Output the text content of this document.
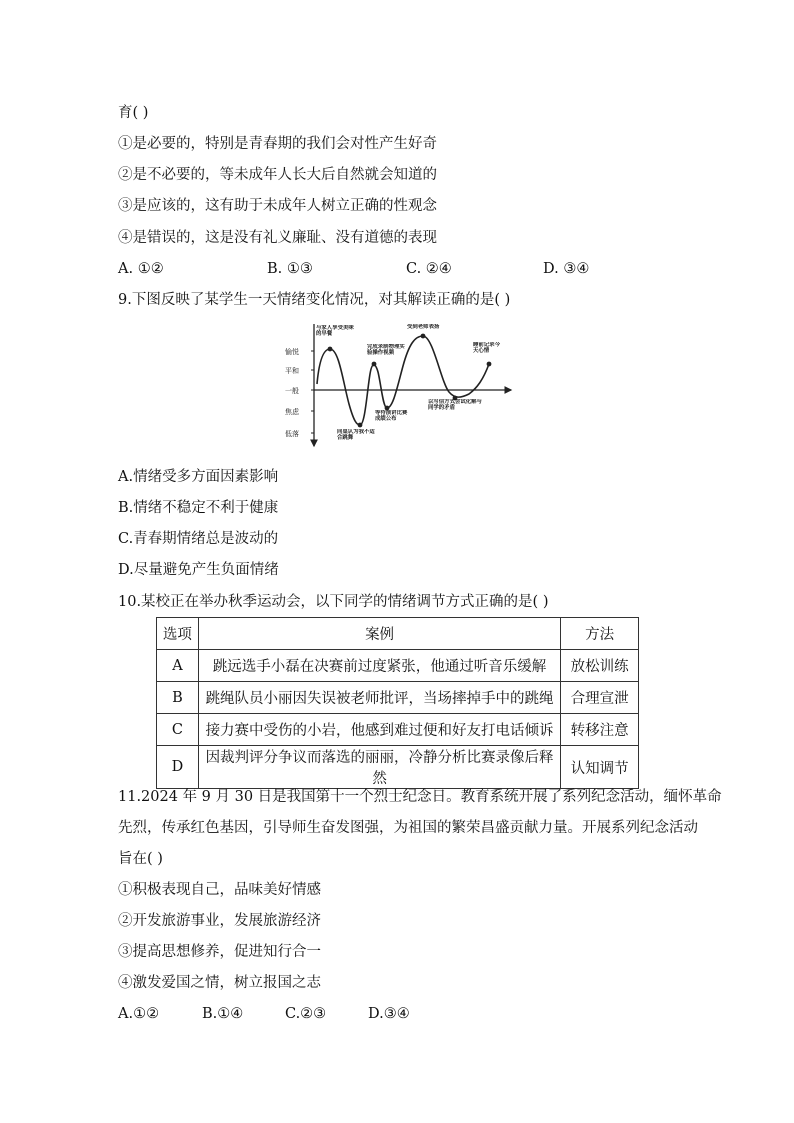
育( )
①是必要的，特别是青春期的我们会对性产生好奇
②是不必要的，等未成年人长大后自然就会知道的
③是应该的，这有助于未成年人树立正确的性观念
④是错误的，这是没有礼义廉耻、没有道德的表现
A. ①②	B. ①③	C. ②④	D. ③④
9.下图反映了某学生一天情绪变化情况，对其解读正确的是( )
愉悦
平和
一般
焦虑
低落
与家人享受美味的早餐
同桌认为我不适合跳舞
完成录制物理实验操作视频
等待演讲比赛成绩公布
受到老师表扬
以写信方式尝试化解与同学的矛盾
睡前记录今天心情
A.情绪受多方面因素影响
B.情绪不稳定不利于健康
C.青春期情绪总是波动的
D.尽量避免产生负面情绪
10.某校正在举办秋季运动会，以下同学的情绪调节方式正确的是( )
选项	案例	方法
A	跳远选手小磊在决赛前过度紧张，他通过听音乐缓解	放松训练
B	跳绳队员小丽因失误被老师批评，当场摔掉手中的跳绳	合理宣泄
C	接力赛中受伤的小岩，他感到难过便和好友打电话倾诉	转移注意
D	因裁判评分争议而落选的丽丽，冷静分析比赛录像后释然	认知调节
11.2024 年 9 月 30 日是我国第十一个烈士纪念日。教育系统开展了系列纪念活动，缅怀革命
先烈，传承红色基因，引导师生奋发图强，为祖国的繁荣昌盛贡献力量。开展系列纪念活动
旨在( )
①积极表现自己，品味美好情感
②开发旅游事业，发展旅游经济
③提高思想修养，促进知行合一
④激发爱国之情，树立报国之志
A.①②	B.①④	C.②③	D.③④
